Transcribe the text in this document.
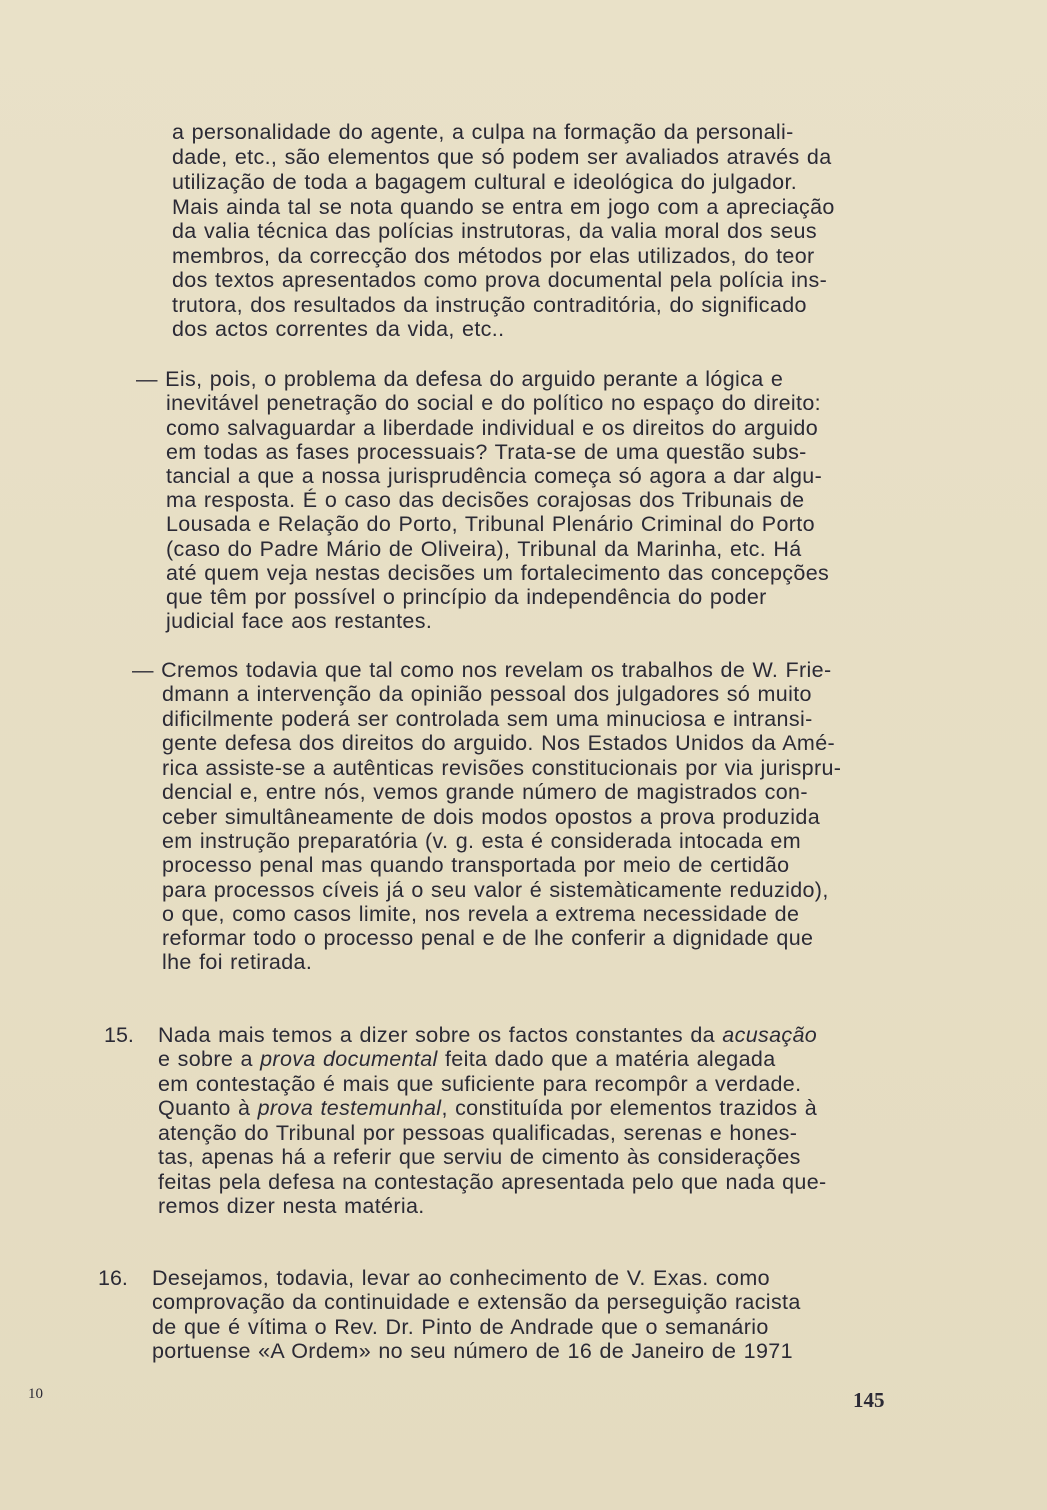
a personalidade do agente, a culpa na formação da personali-
dade, etc., são elementos que só podem ser avaliados através da
utilização de toda a bagagem cultural e ideológica do julgador.
Mais ainda tal se nota quando se entra em jogo com a apreciação
da valia técnica das polícias instrutoras, da valia moral dos seus
membros, da correcção dos métodos por elas utilizados, do teor
dos textos apresentados como prova documental pela polícia ins-
trutora, dos resultados da instrução contraditória, do significado
dos actos correntes da vida, etc..
— Eis, pois, o problema da defesa do arguido perante a lógica e
inevitável penetração do social e do político no espaço do direito:
como salvaguardar a liberdade individual e os direitos do arguido
em todas as fases processuais? Trata-se de uma questão subs-
tancial a que a nossa jurisprudência começa só agora a dar algu-
ma resposta. É o caso das decisões corajosas dos Tribunais de
Lousada e Relação do Porto, Tribunal Plenário Criminal do Porto
(caso do Padre Mário de Oliveira), Tribunal da Marinha, etc. Há
até quem veja nestas decisões um fortalecimento das concepções
que têm por possível o princípio da independência do poder
judicial face aos restantes.
— Cremos todavia que tal como nos revelam os trabalhos de W. Frie-
dmann a intervenção da opinião pessoal dos julgadores só muito
dificilmente poderá ser controlada sem uma minuciosa e intransi-
gente defesa dos direitos do arguido. Nos Estados Unidos da Amé-
rica assiste-se a autênticas revisões constitucionais por via jurispru-
dencial e, entre nós, vemos grande número de magistrados con-
ceber simultâneamente de dois modos opostos a prova produzida
em instrução preparatória (v. g. esta é considerada intocada em
processo penal mas quando transportada por meio de certidão
para processos cíveis já o seu valor é sistemàticamente reduzido),
o que, como casos limite, nos revela a extrema necessidade de
reformar todo o processo penal e de lhe conferir a dignidade que
lhe foi retirada.
15. Nada mais temos a dizer sobre os factos constantes da acusação
e sobre a prova documental feita dado que a matéria alegada
em contestação é mais que suficiente para recompôr a verdade.
Quanto à prova testemunhal, constituída por elementos trazidos à
atenção do Tribunal por pessoas qualificadas, serenas e hones-
tas, apenas há a referir que serviu de cimento às considerações
feitas pela defesa na contestação apresentada pelo que nada que-
remos dizer nesta matéria.
16. Desejamos, todavia, levar ao conhecimento de V. Exas. como
comprovação da continuidade e extensão da perseguição racista
de que é vítima o Rev. Dr. Pinto de Andrade que o semanário
portuense «A Ordem» no seu número de 16 de Janeiro de 1971
10	145
